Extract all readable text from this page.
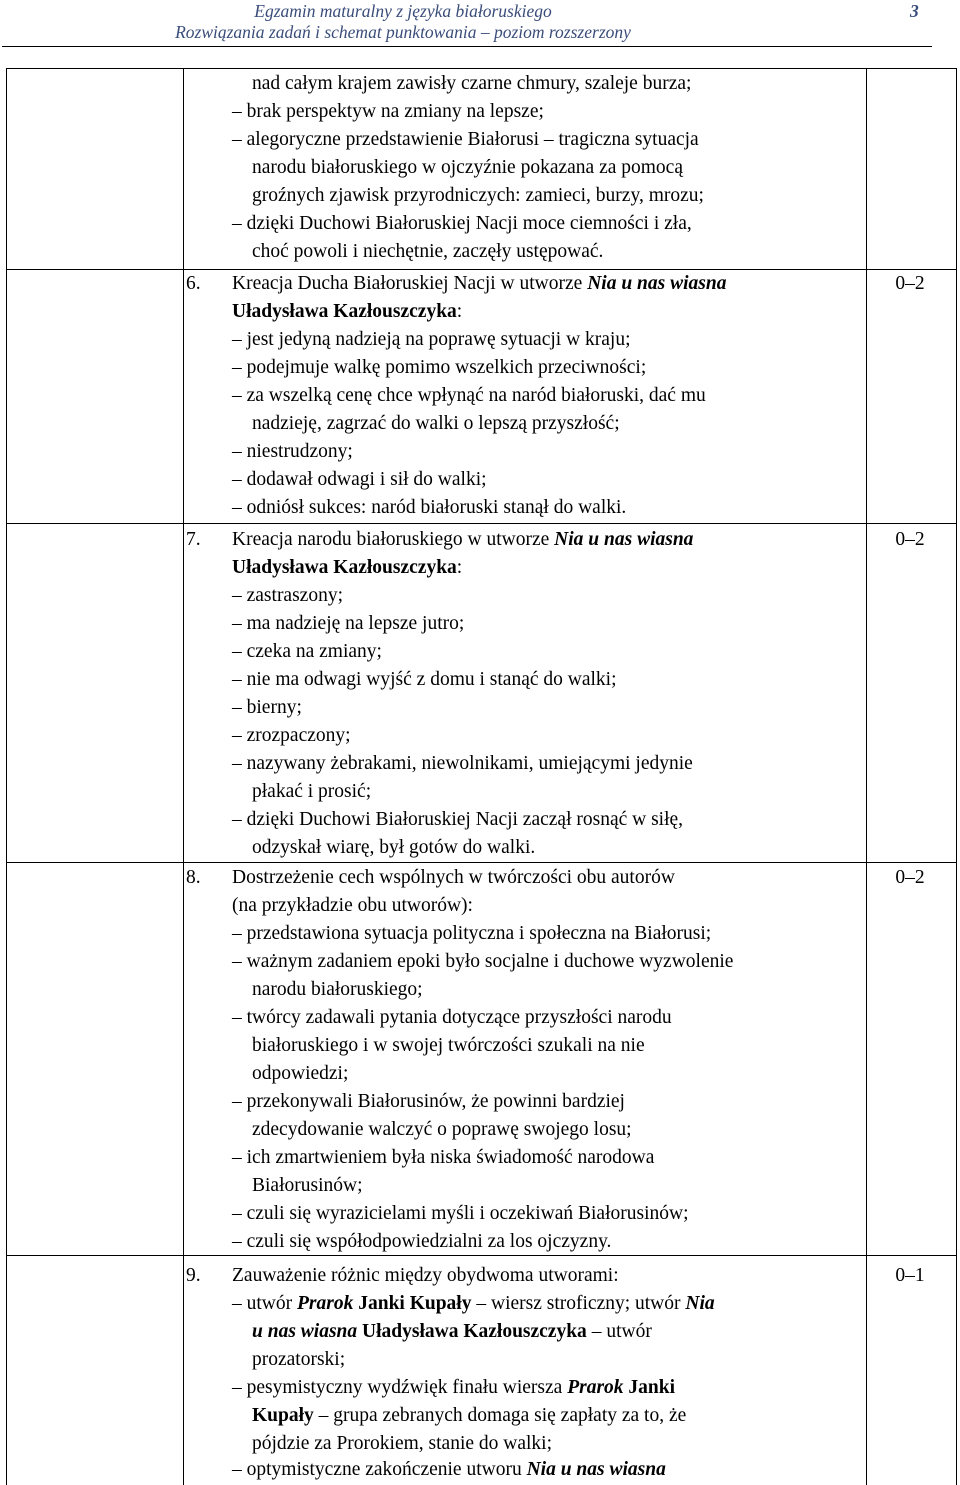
Egzamin maturalny z języka białoruskiego
Rozwiązania zadań i schemat punktowania – poziom rozszerzony
3
nad całym krajem zawisły czarne chmury, szaleje burza;
– brak perspektyw na zmiany na lepsze;
– alegoryczne przedstawienie Białorusi – tragiczna sytuacja
narodu białoruskiego w ojczyźnie pokazana za pomocą
groźnych zjawisk przyrodniczych: zamieci, burzy, mrozu;
– dzięki Duchowi Białoruskiej Nacji moce ciemności i zła,
choć powoli i niechętnie, zaczęły ustępować.
6. Kreacja Ducha Białoruskiej Nacji w utworze Nia u nas wiasna
Uładysława Kazłouszczyka:
0–2
– jest jedyną nadzieją na poprawę sytuacji w kraju;
– podejmuje walkę pomimo wszelkich przeciwności;
– za wszelką cenę chce wpłynąć na naród białoruski, dać mu
nadzieję, zagrzać do walki o lepszą przyszłość;
– niestrudzony;
– dodawał odwagi i sił do walki;
– odniósł sukces: naród białoruski stanął do walki.
7. Kreacja narodu białoruskiego w utworze Nia u nas wiasna
Uładysława Kazłouszczyka:
0–2
– zastraszony;
– ma nadzieję na lepsze jutro;
– czeka na zmiany;
– nie ma odwagi wyjść z domu i stanąć do walki;
– bierny;
– zrozpaczony;
– nazywany żebrakami, niewolnikami, umiejącymi jedynie
płakać i prosić;
– dzięki Duchowi Białoruskiej Nacji zaczął rosnąć w siłę,
odzyskał wiarę, był gotów do walki.
8. Dostrzeżenie cech wspólnych w twórczości obu autorów
(na przykładzie obu utworów):
0–2
– przedstawiona sytuacja polityczna i społeczna na Białorusi;
– ważnym zadaniem epoki było socjalne i duchowe wyzwolenie
narodu białoruskiego;
– twórcy zadawali pytania dotyczące przyszłości narodu
białoruskiego i w swojej twórczości szukali na nie
odpowiedzi;
– przekonywali Białorusinów, że powinni bardziej
zdecydowanie walczyć o poprawę swojego losu;
– ich zmartwieniem była niska świadomość narodowa
Białorusinów;
– czuli się wyrazicielami myśli i oczekiwań Białorusinów;
– czuli się współodpowiedzialni za los ojczyzny.
9. Zauważenie różnic między obydwoma utworami:	0–1
– utwór Prarok Janki Kupały – wiersz stroficzny; utwór Nia
u nas wiasna Uładysława Kazłouszczyka – utwór
prozatorski;
– pesymistyczny wydźwięk finału wiersza Prarok Janki
Kupały – grupa zebranych domaga się zapłaty za to, że
pójdzie za Prorokiem, stanie do walki;
– optymistyczne zakończenie utworu Nia u nas wiasna
